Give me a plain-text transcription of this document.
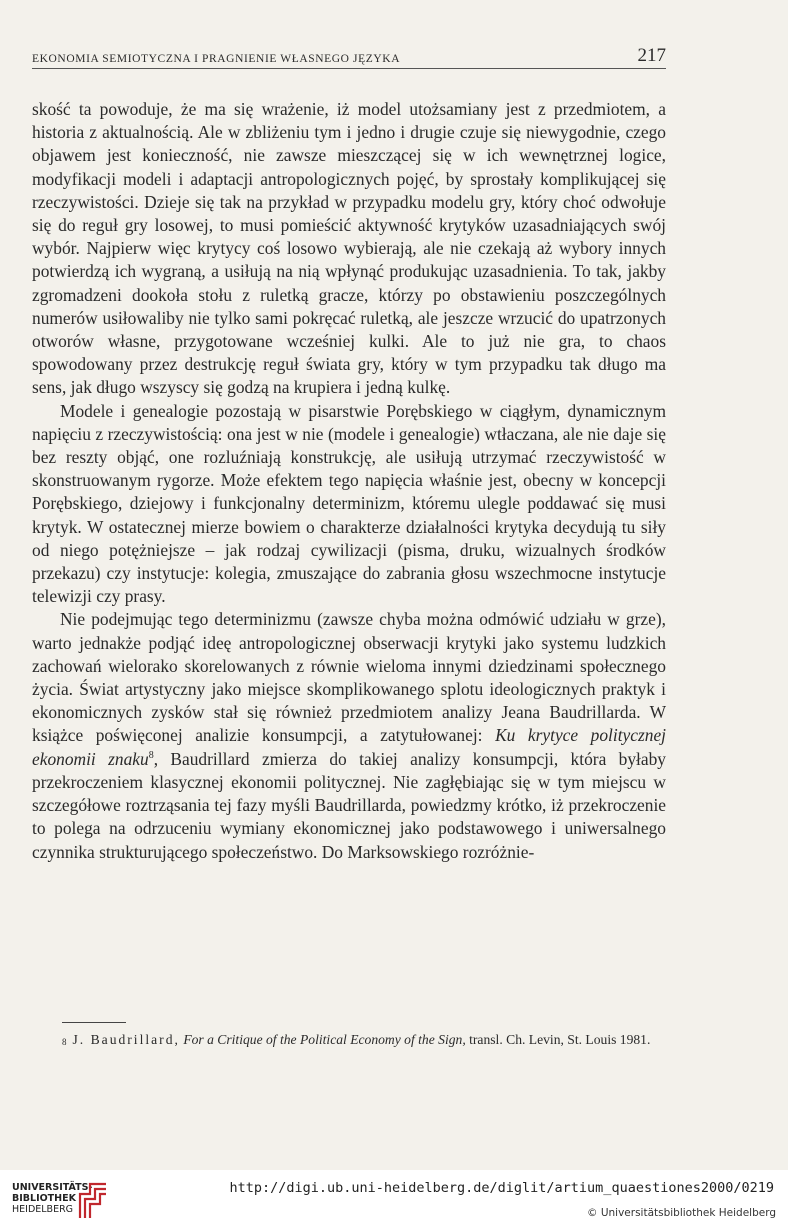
EKONOMIA SEMIOTYCZNA I PRAGNIENIE WŁASNEGO JĘZYKA	217

skość ta powoduje, że ma się wrażenie, iż model utożsamiany jest z przedmiotem, a historia z aktualnością. Ale w zbliżeniu tym i jedno i drugie czuje się niewygodnie, czego objawem jest konieczność, nie zawsze mieszczącej się w ich wewnętrznej logice, modyfikacji modeli i adaptacji antropologicznych pojęć, by sprostały komplikującej się rzeczywistości. Dzieje się tak na przykład w przypadku modelu gry, który choć odwołuje się do reguł gry losowej, to musi pomieścić aktywność krytyków uzasadniających swój wybór. Najpierw więc krytycy coś losowo wybierają, ale nie czekają aż wybory innych potwierdzą ich wygraną, a usiłują na nią wpłynąć produkując uzasadnienia. To tak, jakby zgromadzeni dookoła stołu z ruletką gracze, którzy po obstawieniu poszczególnych numerów usiłowaliby nie tylko sami pokręcać ruletką, ale jeszcze wrzucić do upatrzonych otworów własne, przygotowane wcześniej kulki. Ale to już nie gra, to chaos spowodowany przez destrukcję reguł świata gry, który w tym przypadku tak długo ma sens, jak długo wszyscy się godzą na krupiera i jedną kulkę.

Modele i genealogie pozostają w pisarstwie Porębskiego w ciągłym, dynamicznym napięciu z rzeczywistością: ona jest w nie (modele i genealogie) wtłaczana, ale nie daje się bez reszty objąć, one rozluźniają konstrukcję, ale usiłują utrzymać rzeczywistość w skonstruowanym rygorze. Może efektem tego napięcia właśnie jest, obecny w koncepcji Porębskiego, dziejowy i funkcjonalny determinizm, któremu ulegle poddawać się musi krytyk. W ostatecznej mierze bowiem o charakterze działalności krytyka decydują tu siły od niego potężniejsze – jak rodzaj cywilizacji (pisma, druku, wizualnych środków przekazu) czy instytucje: kolegia, zmuszające do zabrania głosu wszechmocne instytucje telewizji czy prasy.

Nie podejmując tego determinizmu (zawsze chyba można odmówić udziału w grze), warto jednakże podjąć ideę antropologicznej obserwacji krytyki jako systemu ludzkich zachowań wielorako skorelowanych z równie wieloma innymi dziedzinami społecznego życia. Świat artystyczny jako miejsce skomplikowanego splotu ideologicznych praktyk i ekonomicznych zysków stał się również przedmiotem analizy Jeana Baudrillarda. W książce poświęconej analizie konsumpcji, a zatytułowanej: Ku krytyce politycznej ekonomii znaku$^8$, Baudrillard zmierza do takiej analizy konsumpcji, która byłaby przekroczeniem klasycznej ekonomii politycznej. Nie zagłębiając się w tym miejscu w szczegółowe roztrząsania tej fazy myśli Baudrillarda, powiedzmy krótko, iż przekroczenie to polega na odrzuceniu wymiany ekonomicznej jako podstawowego i uniwersalnego czynnika strukturującego społeczeństwo. Do Marksowskiego rozróżnie-

$^8$ J. Baudrillard, For a Critique of the Political Economy of the Sign, transl. Ch. Levin, St. Louis 1981.
UNIVERSITÄTS-
BIBLIOTHEK
HEIDELBERG
http://digi.ub.uni-heidelberg.de/diglit/artium_quaestiones2000/0219
© Universitätsbibliothek Heidelberg
